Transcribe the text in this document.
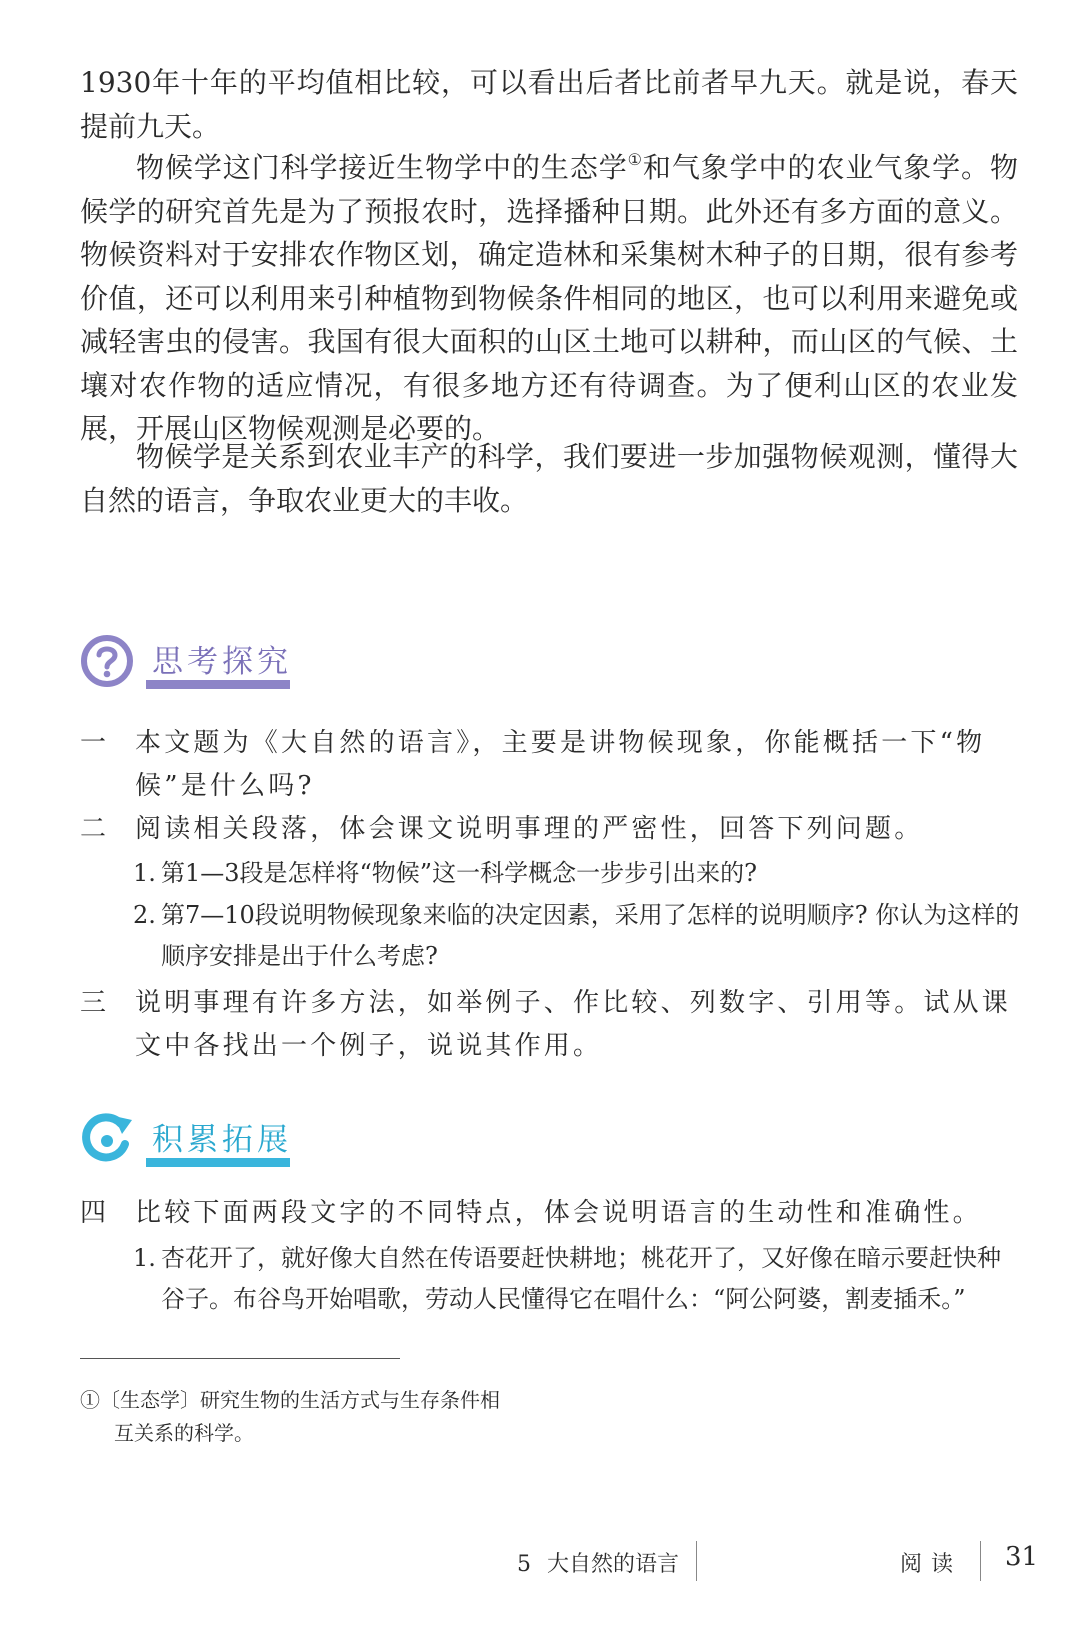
1930年十年的平均值相比较，可以看出后者比前者早九天。就是说，春天提前九天。

物候学这门科学接近生物学中的生态学①和气象学中的农业气象学。物候学的研究首先是为了预报农时，选择播种日期。此外还有多方面的意义。物候资料对于安排农作物区划，确定造林和采集树木种子的日期，很有参考价值，还可以利用来引种植物到物候条件相同的地区，也可以利用来避免或减轻害虫的侵害。我国有很大面积的山区土地可以耕种，而山区的气候、土壤对农作物的适应情况，有很多地方还有待调查。为了便利山区的农业发展，开展山区物候观测是必要的。

物候学是关系到农业丰产的科学，我们要进一步加强物候观测，懂得大自然的语言，争取农业更大的丰收。

思考探究
一 本文题为《大自然的语言》，主要是讲物候现象，你能概括一下“物候”是什么吗?
二 阅读相关段落，体会课文说明事理的严密性，回答下列问题。
1. 第1—3段是怎样将“物候”这一科学概念一步步引出来的?
2. 第7—10段说明物候现象来临的决定因素，采用了怎样的说明顺序? 你认为这样的顺序安排是出于什么考虑?
三 说明事理有许多方法，如举例子、作比较、列数字、引用等。试从课文中各找出一个例子，说说其作用。
积累拓展
四 比较下面两段文字的不同特点，体会说明语言的生动性和准确性。
1. 杏花开了，就好像大自然在传语要赶快耕地；桃花开了，又好像在暗示要赶快种谷子。布谷鸟开始唱歌，劳动人民懂得它在唱什么：“阿公阿婆，割麦插禾。”
①〔生态学〕研究生物的生活方式与生存条件相
互关系的科学。
5 大自然的语言	阅读 31
